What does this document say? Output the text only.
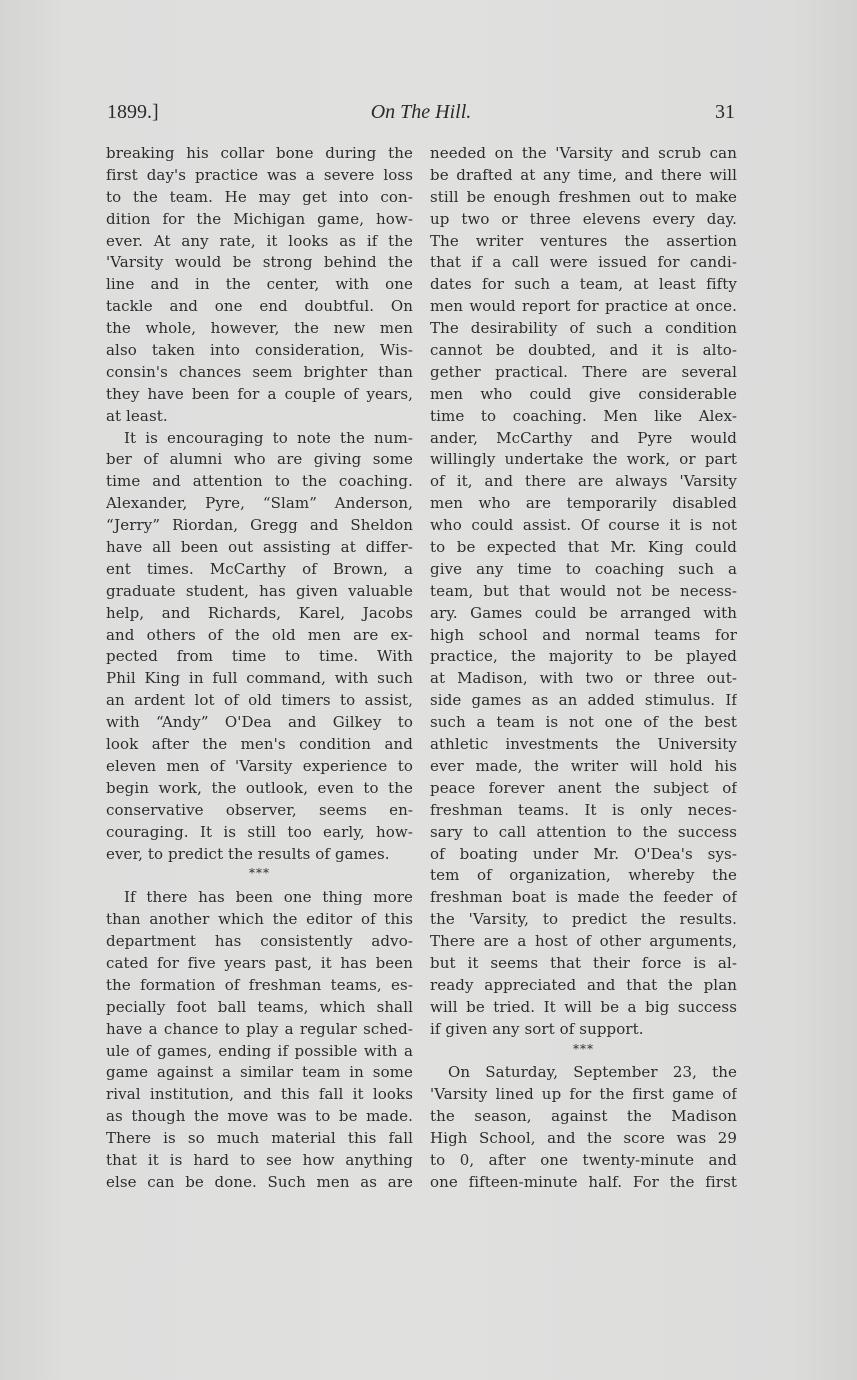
1899.]	On The Hill.	31

breaking his collar bone during the
first day's practice was a severe loss
to the team. He may get into con-
dition for the Michigan game, how-
ever. At any rate, it looks as if the
'Varsity would be strong behind the
line and in the center, with one
tackle and one end doubtful. On
the whole, however, the new men
also taken into consideration, Wis-
consin's chances seem brighter than
they have been for a couple of years,
at least.

It is encouraging to note the num-
ber of alumni who are giving some
time and attention to the coaching.
Alexander, Pyre, “Slam” Anderson,
“Jerry” Riordan, Gregg and Sheldon
have all been out assisting at differ-
ent times. McCarthy of Brown, a
graduate student, has given valuable
help, and Richards, Karel, Jacobs
and others of the old men are ex-
pected from time to time. With
Phil King in full command, with such
an ardent lot of old timers to assist,
with “Andy” O'Dea and Gilkey to
look after the men's condition and
eleven men of 'Varsity experience to
begin work, the outlook, even to the
conservative observer, seems en-
couraging. It is still too early, how-
ever, to predict the results of games.

***

If there has been one thing more
than another which the editor of this
department has consistently advo-
cated for five years past, it has been
the formation of freshman teams, es-
pecially foot ball teams, which shall
have a chance to play a regular sched-
ule of games, ending if possible with a
game against a similar team in some
rival institution, and this fall it looks
as though the move was to be made.
There is so much material this fall
that it is hard to see how anything
else can be done. Such men as are

needed on the 'Varsity and scrub can
be drafted at any time, and there will
still be enough freshmen out to make
up two or three elevens every day.
The writer ventures the assertion
that if a call were issued for candi-
dates for such a team, at least fifty
men would report for practice at once.
The desirability of such a condition
cannot be doubted, and it is alto-
gether practical. There are several
men who could give considerable
time to coaching. Men like Alex-
ander, McCarthy and Pyre would
willingly undertake the work, or part
of it, and there are always 'Varsity
men who are temporarily disabled
who could assist. Of course it is not
to be expected that Mr. King could
give any time to coaching such a
team, but that would not be necess-
ary. Games could be arranged with
high school and normal teams for
practice, the majority to be played
at Madison, with two or three out-
side games as an added stimulus. If
such a team is not one of the best
athletic investments the University
ever made, the writer will hold his
peace forever anent the subject of
freshman teams. It is only neces-
sary to call attention to the success
of boating under Mr. O'Dea's sys-
tem of organization, whereby the
freshman boat is made the feeder of
the 'Varsity, to predict the results.
There are a host of other arguments,
but it seems that their force is al-
ready appreciated and that the plan
will be tried. It will be a big success
if given any sort of support.

***

On Saturday, September 23, the
'Varsity lined up for the first game of
the season, against the Madison
High School, and the score was 29
to 0, after one twenty-minute and
one fifteen-minute half. For the first
